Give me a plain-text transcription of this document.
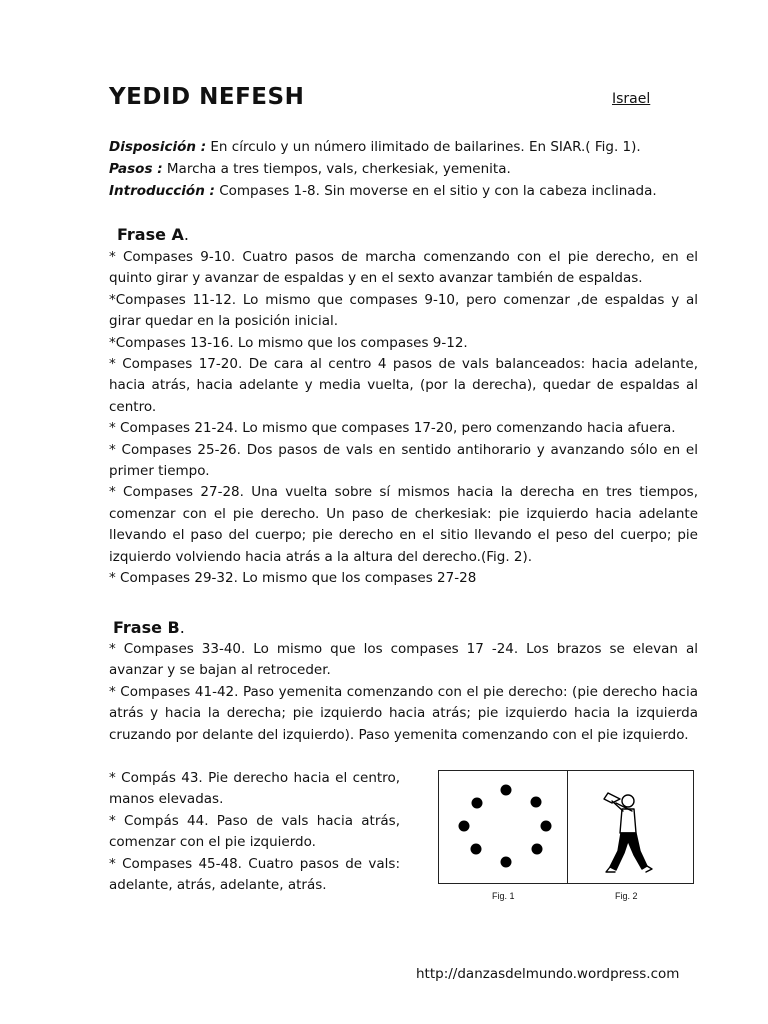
YEDID NEFESH	Israel
Disposición : En círculo y un número ilimitado de bailarines. En SIAR.( Fig. 1).
Pasos : Marcha a tres tiempos, vals, cherkesiak, yemenita.
Introducción : Compases 1-8. Sin moverse en el sitio y con la cabeza inclinada.
Frase A.

* Compases 9-10. Cuatro pasos de marcha comenzando con el pie derecho, en el quinto girar y avanzar de espaldas y en el sexto avanzar también de espaldas.

*Compases 11-12. Lo mismo que compases 9-10, pero comenzar ,de espaldas y al girar quedar en la posición inicial.

*Compases 13-16. Lo mismo que los compases 9-12.

* Compases 17-20. De cara al centro 4 pasos de vals balanceados: hacia adelante, hacia atrás, hacia adelante y media vuelta, (por la derecha), quedar de espaldas al centro.

* Compases 21-24. Lo mismo que compases 17-20, pero comenzando hacia afuera.

* Compases 25-26. Dos pasos de vals en sentido antihorario y avanzando sólo en el primer tiempo.

* Compases 27-28. Una vuelta sobre sí mismos hacia la derecha en tres tiempos, comenzar con el pie derecho. Un paso de cherkesiak: pie izquierdo hacia adelante llevando el paso del cuerpo; pie derecho en el sitio llevando el peso del cuerpo; pie izquierdo volviendo hacia atrás a la altura del derecho.(Fig. 2).

* Compases 29-32. Lo mismo que los compases 27-28

Frase B.

* Compases 33-40. Lo mismo que los compases 17 -24. Los brazos se elevan al avanzar y se bajan al retroceder.

* Compases 41-42. Paso yemenita comenzando con el pie derecho: (pie derecho hacia atrás y hacia la derecha; pie izquierdo hacia atrás; pie izquierdo hacia la izquierda cruzando por delante del izquierdo). Paso yemenita comenzando con el pie izquierdo.

* Compás 43. Pie derecho hacia el centro, manos elevadas.

* Compás 44. Paso de vals hacia atrás, comenzar con el pie izquierdo.

* Compases 45-48. Cuatro pasos de vals: adelante, atrás, adelante, atrás.

Fig. 1	Fig. 2
http://danzasdelmundo.wordpress.com
